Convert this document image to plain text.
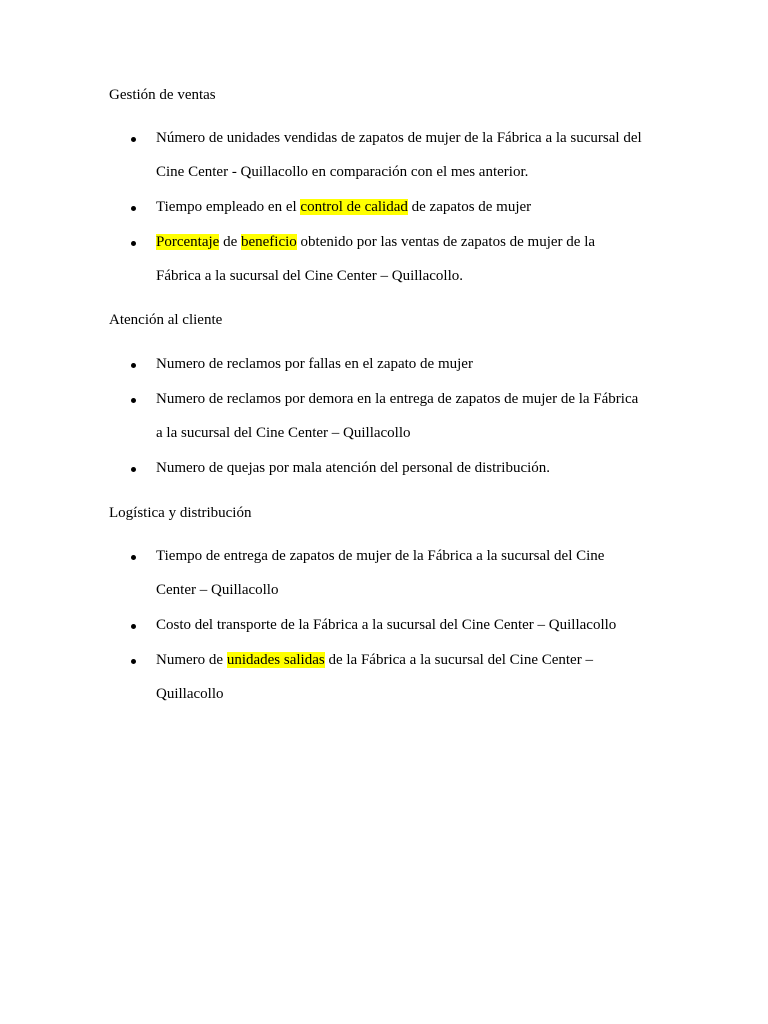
Gestión de ventas
Número de unidades vendidas de zapatos de mujer de la Fábrica a la sucursal del
Cine Center - Quillacollo en comparación con el mes anterior.
Tiempo empleado en el control de calidad de zapatos de mujer
Porcentaje de beneficio obtenido por las ventas de zapatos de mujer de la
Fábrica a la sucursal del Cine Center – Quillacollo.
Atención al cliente
Numero de reclamos por fallas en el zapato de mujer
Numero de reclamos por demora en la entrega de zapatos de mujer de la Fábrica
a la sucursal del Cine Center – Quillacollo
Numero de quejas por mala atención del personal de distribución.
Logística y distribución
Tiempo de entrega de zapatos de mujer de la Fábrica a la sucursal del Cine
Center – Quillacollo
Costo del transporte de la Fábrica a la sucursal del Cine Center – Quillacollo
Numero de unidades salidas de la Fábrica a la sucursal del Cine Center –
Quillacollo
